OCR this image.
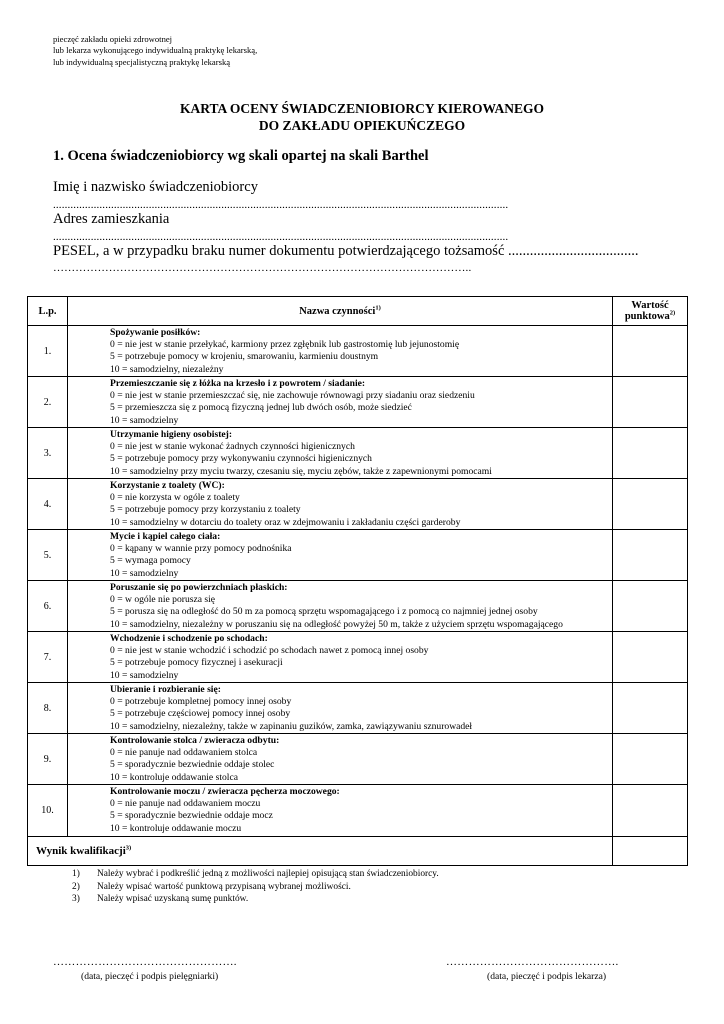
pieczęć zakładu opieki zdrowotnej
lub lekarza wykonującego indywidualną praktykę lekarską,
lub indywidualną specjalistyczną praktykę lekarską
KARTA OCENY ŚWIADCZENIOBIORCY KIEROWANEGO
DO ZAKŁADU OPIEKUŃCZEGO
1. Ocena świadczeniobiorcy wg skali opartej na skali Barthel
Imię i nazwisko świadczeniobiorcy
.............................................................................................................................................................
Adres zamieszkania
.............................................................................................................................................................
PESEL, a w przypadku braku numer dokumentu potwierdzającego tożsamość ....................................
…………………………………………………………………………………………………..
L.p.	Nazwa czynności$^{1)}$	Wartość
punktowa$^{2)}$

1.	Spożywanie posiłków:
0 = nie jest w stanie przełykać, karmiony przez zgłębnik lub gastrostomię lub jejunostomię
5 = potrzebuje pomocy w krojeniu, smarowaniu, karmieniu doustnym
10 = samodzielny, niezależny	

2.	Przemieszczanie się z łóżka na krzesło i z powrotem / siadanie:
0 = nie jest w stanie przemieszczać się, nie zachowuje równowagi przy siadaniu oraz siedzeniu
5 = przemieszcza się z pomocą fizyczną jednej lub dwóch osób, może siedzieć
10 = samodzielny	

3.	Utrzymanie higieny osobistej:
0 = nie jest w stanie wykonać żadnych czynności higienicznych
5 = potrzebuje pomocy przy wykonywaniu czynności higienicznych
10 = samodzielny przy myciu twarzy, czesaniu się, myciu zębów, także z zapewnionymi pomocami	

4.	Korzystanie z toalety (WC):
0 = nie korzysta w ogóle z toalety
5 = potrzebuje pomocy przy korzystaniu z toalety
10 = samodzielny w dotarciu do toalety oraz w zdejmowaniu i zakładaniu części garderoby	

5.	Mycie i kąpiel całego ciała:
0 = kąpany w wannie przy pomocy podnośnika
5 = wymaga pomocy
10 = samodzielny	

6.	Poruszanie się po powierzchniach płaskich:
0 = w ogóle nie porusza się
5 = porusza się na odległość do 50 m za pomocą sprzętu wspomagającego i z pomocą co najmniej jednej osoby
10 = samodzielny, niezależny w poruszaniu się na odległość powyżej 50 m, także z użyciem sprzętu wspomagającego	

7.	Wchodzenie i schodzenie po schodach:
0 = nie jest w stanie wchodzić i schodzić po schodach nawet z pomocą innej osoby
5 = potrzebuje pomocy fizycznej i asekuracji
10 = samodzielny	

8.	Ubieranie i rozbieranie się:
0 = potrzebuje kompletnej pomocy innej osoby
5 = potrzebuje częściowej pomocy innej osoby
10 = samodzielny, niezależny, także w zapinaniu guzików, zamka, zawiązywaniu sznurowadeł	

9.	Kontrolowanie stolca / zwieracza odbytu:
0 = nie panuje nad oddawaniem stolca
5 = sporadycznie bezwiednie oddaje stolec
10 = kontroluje oddawanie stolca	

10.	Kontrolowanie moczu / zwieracza pęcherza moczowego:
0 = nie panuje nad oddawaniem moczu
5 = sporadycznie bezwiednie oddaje mocz
10 = kontroluje oddawanie moczu	

Wynik kwalifikacji$^{3)}$	
1) Należy wybrać i podkreślić jedną z możliwości najlepiej opisującą stan świadczeniobiorcy.
2) Należy wpisać wartość punktową przypisaną wybranej możliwości.
3) Należy wpisać uzyskaną sumę punktów.
………………………………………….
(data, pieczęć i podpis pielęgniarki)
……………………………………….
(data, pieczęć i podpis lekarza)
